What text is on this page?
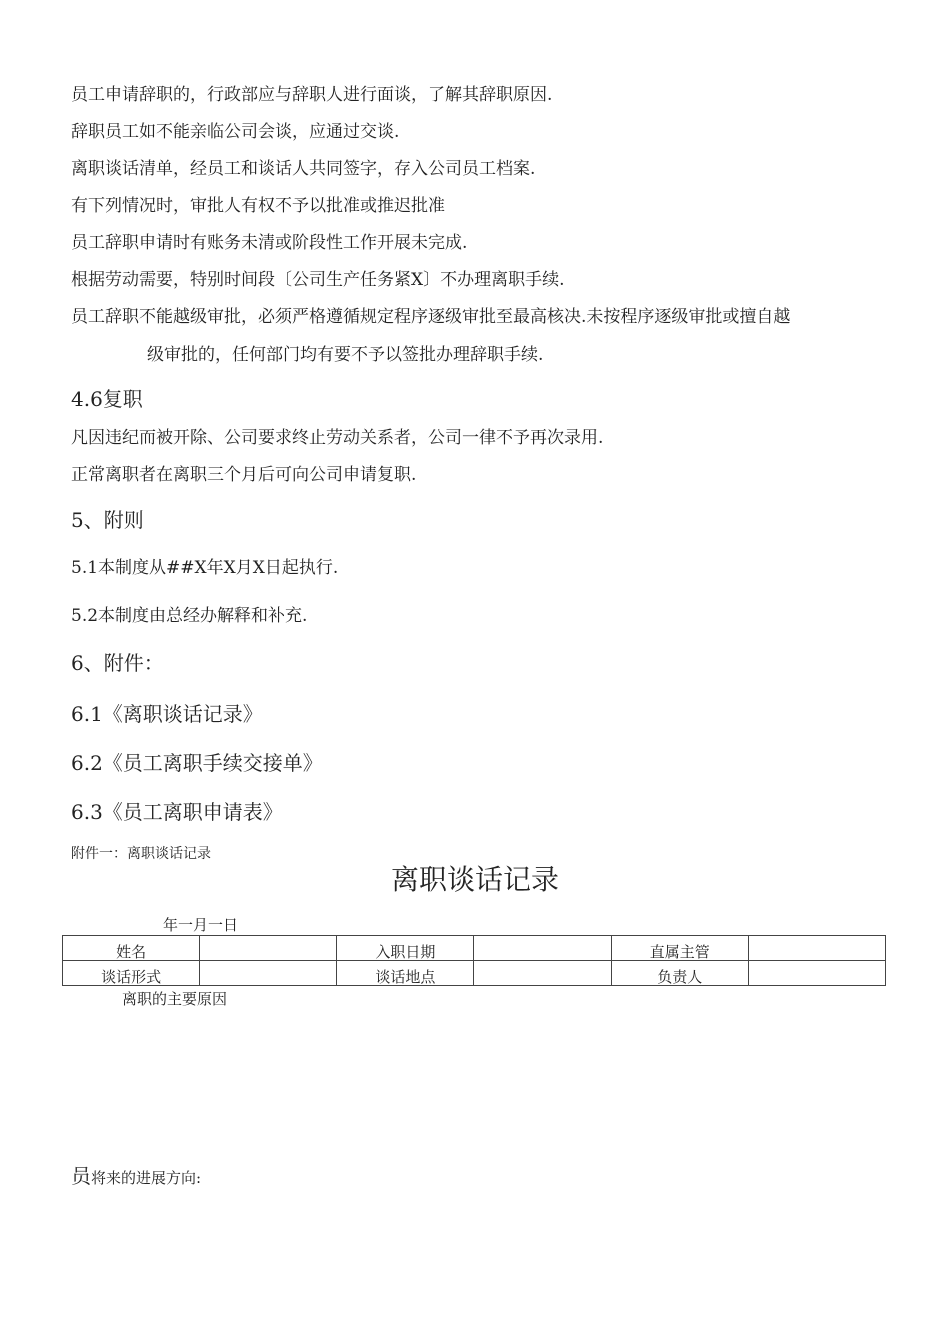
员工申请辞职的，行政部应与辞职人进行面谈，了解其辞职原因.
辞职员工如不能亲临公司会谈，应通过交谈.
离职谈话清单，经员工和谈话人共同签字，存入公司员工档案.
有下列情况时，审批人有权不予以批准或推迟批准
员工辞职申请时有账务未清或阶段性工作开展未完成.
根据劳动需要，特别时间段〔公司生产任务紧X〕不办理离职手续.
员工辞职不能越级审批，必须严格遵循规定程序逐级审批至最高核决.未按程序逐级审批或擅自越
级审批的，任何部门均有要不予以签批办理辞职手续.
4.6复职
凡因违纪而被开除、公司要求终止劳动关系者，公司一律不予再次录用.
正常离职者在离职三个月后可向公司申请复职.
5、附则
5.1本制度从##X年X月X日起执行.
5.2本制度由总经办解释和补充.
6、附件：
6.1《离职谈话记录》
6.2《员工离职手续交接单》
6.3《员工离职申请表》
附件一：离职谈话记录
离职谈话记录
年一月一日
姓名		入职日期		直属主管	
谈话形式		谈话地点		负责人	
离职的主要原因
员将来的进展方向:
